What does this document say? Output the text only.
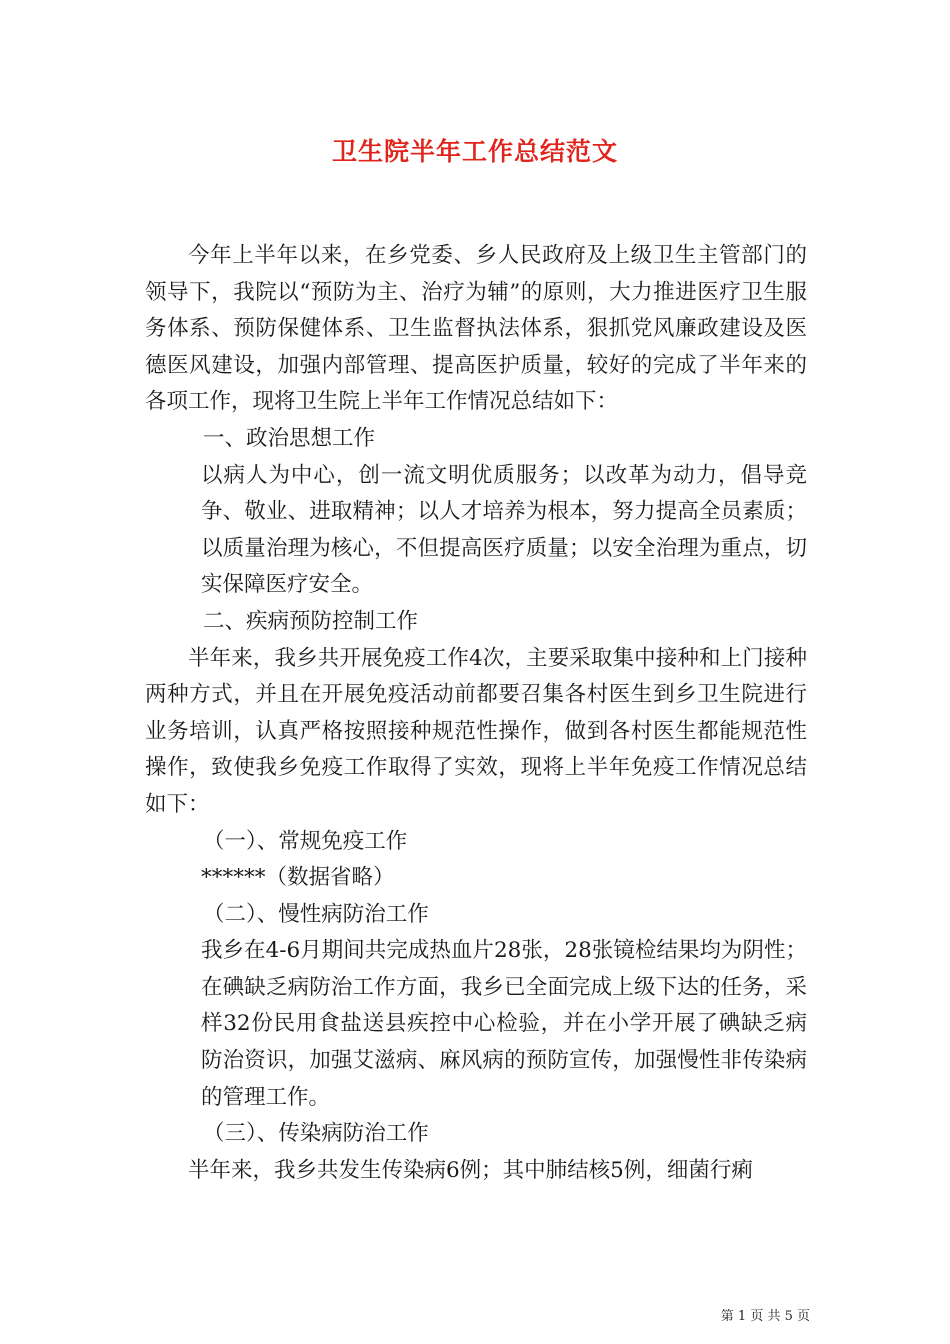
卫生院半年工作总结范文

今年上半年以来，在乡党委、乡人民政府及上级卫生主管部门的领导下，我院以“预防为主、治疗为辅”的原则，大力推进医疗卫生服务体系、预防保健体系、卫生监督执法体系，狠抓党风廉政建设及医德医风建设，加强内部管理、提高医护质量，较好的完成了半年来的各项工作，现将卫生院上半年工作情况总结如下：

一、政治思想工作

以病人为中心，创一流文明优质服务；以改革为动力，倡导竞争、敬业、进取精神；以人才培养为根本，努力提高全员素质；以质量治理为核心，不但提高医疗质量；以安全治理为重点，切实保障医疗安全。

二、疾病预防控制工作

半年来，我乡共开展免疫工作4次，主要采取集中接种和上门接种两种方式，并且在开展免疫活动前都要召集各村医生到乡卫生院进行业务培训，认真严格按照接种规范性操作，做到各村医生都能规范性操作，致使我乡免疫工作取得了实效，现将上半年免疫工作情况总结如下：

（一）、常规免疫工作

******（数据省略）

（二）、慢性病防治工作

我乡在4-6月期间共完成热血片28张，28张镜检结果均为阴性；在碘缺乏病防治工作方面，我乡已全面完成上级下达的任务，采样32份民用食盐送县疾控中心检验，并在小学开展了碘缺乏病防治资识，加强艾滋病、麻风病的预防宣传，加强慢性非传染病的管理工作。

（三）、传染病防治工作

半年来，我乡共发生传染病6例；其中肺结核5例，细菌行痢

第 1 页 共 5 页
